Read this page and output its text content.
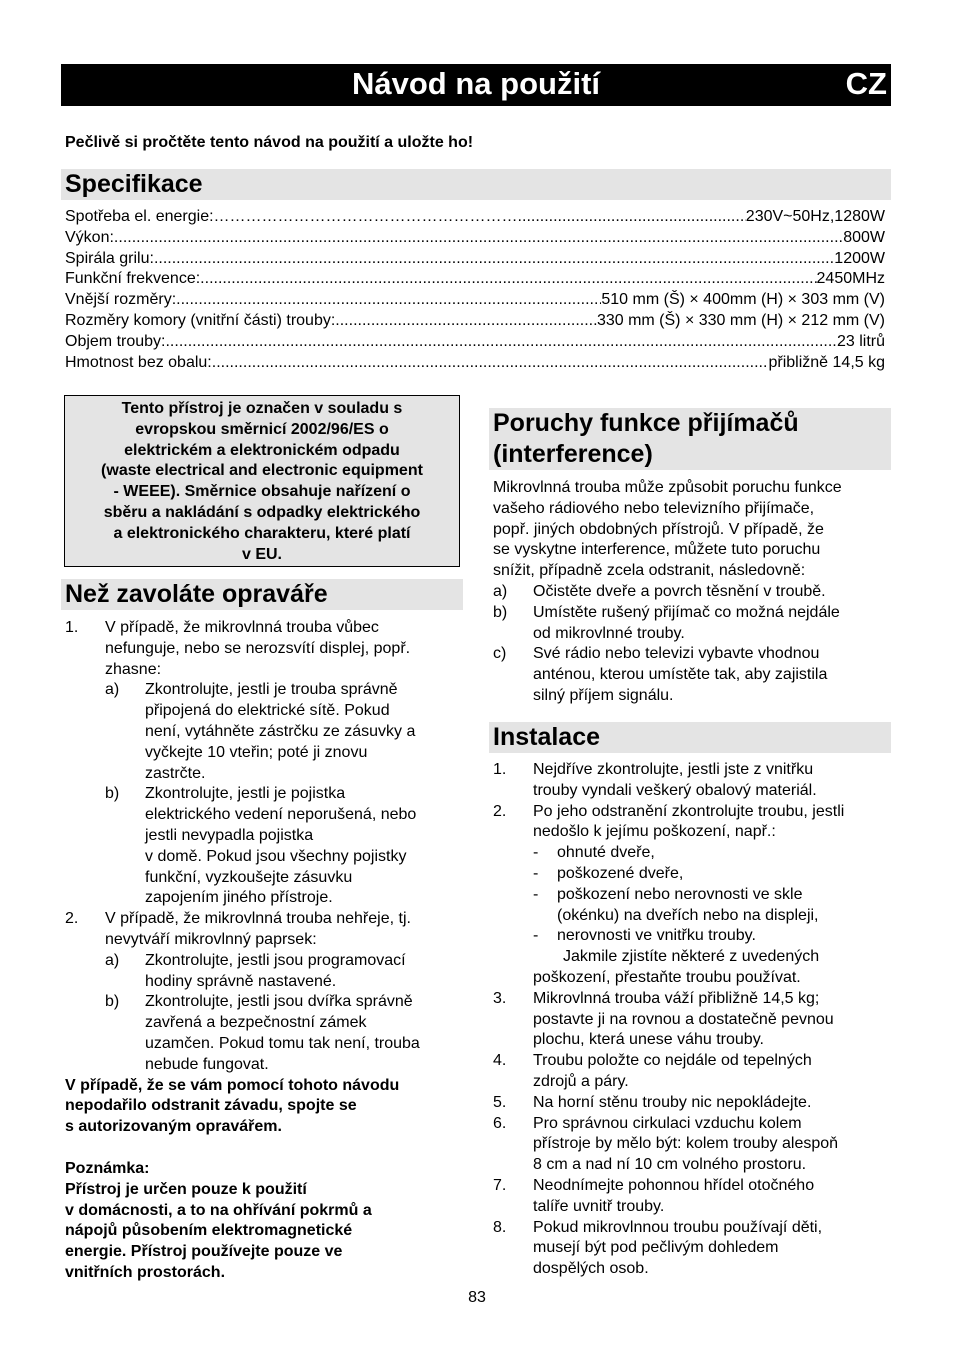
Návod na použití	CZ
Pečlivě si pročtěte tento návod na použití a uložte ho!
Specifikace
Spotřeba el. energie:………………………………………………… .....	230V~50Hz,1280W
Výkon: .....	800W
Spirála grilu: .....	1200W
Funkční frekvence: .....	2450MHz
Vnější rozměry: .....	510 mm (Š) × 400mm (H) × 303 mm (V)
Rozměry komory (vnitřní části) trouby: .....	330 mm (Š) × 330 mm (H) × 212 mm (V)
Objem trouby: .....	23 litrů
Hmotnost bez obalu: .....	přibližně 14,5 kg
Tento přístroj je označen v souladu s
evropskou směrnicí 2002/96/ES o
elektrickém a elektronickém odpadu
(waste electrical and electronic equipment
- WEEE). Směrnice obsahuje nařízení o
sběru a nakládání s odpadky elektrického
a elektronického charakteru, které platí
v EU.
Než zavoláte opraváře
1. V případě, že mikrovlnná trouba vůbec
nefunguje, nebo se nerozsvítí displej, popř.
zhasne:
a) Zkontrolujte, jestli je trouba správně
připojená do elektrické sítě. Pokud
není, vytáhněte zástrčku ze zásuvky a
vyčkejte 10 vteřin; poté ji znovu
zastrčte.
b) Zkontrolujte, jestli je pojistka
elektrického vedení neporušená, nebo
jestli nevypadla pojistka
v domě. Pokud jsou všechny pojistky
funkční, vyzkoušejte zásuvku
zapojením jiného přístroje.
2. V případě, že mikrovlnná trouba nehřeje, tj.
nevytváří mikrovlnný paprsek:
a) Zkontrolujte, jestli jsou programovací
hodiny správně nastavené.
b) Zkontrolujte, jestli jsou dvířka správně
zavřená a bezpečnostní zámek
uzamčen. Pokud tomu tak není, trouba
nebude fungovat.
V případě, že se vám pomocí tohoto návodu
nepodařilo odstranit závadu, spojte se
s autorizovaným opravářem.
Poznámka:
Přístroj je určen pouze k použití
v domácnosti, a to na ohřívání pokrmů a
nápojů působením elektromagnetické
energie. Přístroj používejte pouze ve
vnitřních prostorách.
Poruchy funkce přijímačů
(interference)
Mikrovlnná trouba může způsobit poruchu funkce
vašeho rádiového nebo televizního přijímače,
popř. jiných obdobných přístrojů. V případě, že
se vyskytne interference, můžete tuto poruchu
snížit, případně zcela odstranit, následovně:
a) Očistěte dveře a povrch těsnění v troubě.
b) Umístěte rušený přijímač co možná nejdále
od mikrovlnné trouby.
c) Své rádio nebo televizi vybavte vhodnou
anténou, kterou umístěte tak, aby zajistila
silný příjem signálu.
Instalace
1. Nejdříve zkontrolujte, jestli jste z vnitřku
trouby vyndali veškerý obalový materiál.
2. Po jeho odstranění zkontrolujte troubu, jestli
nedošlo k jejímu poškození, např.:
- ohnuté dveře,
- poškozené dveře,
- poškození nebo nerovnosti ve skle
(okénku) na dveřích nebo na displeji,
- nerovnosti ve vnitřku trouby.
Jakmile zjistíte některé z uvedených
poškození, přestaňte troubu používat.
3. Mikrovlnná trouba váží přibližně 14,5 kg;
postavte ji na rovnou a dostatečně pevnou
plochu, která unese váhu trouby.
4. Troubu položte co nejdále od tepelných
zdrojů a páry.
5. Na horní stěnu trouby nic nepokládejte.
6. Pro správnou cirkulaci vzduchu kolem
přístroje by mělo být: kolem trouby alespoň
8 cm a nad ní 10 cm volného prostoru.
7. Neodnímejte pohonnou hřídel otočného
talíře uvnitř trouby.
8. Pokud mikrovlnnou troubu používají děti,
musejí být pod pečlivým dohledem
dospělých osob.
83
